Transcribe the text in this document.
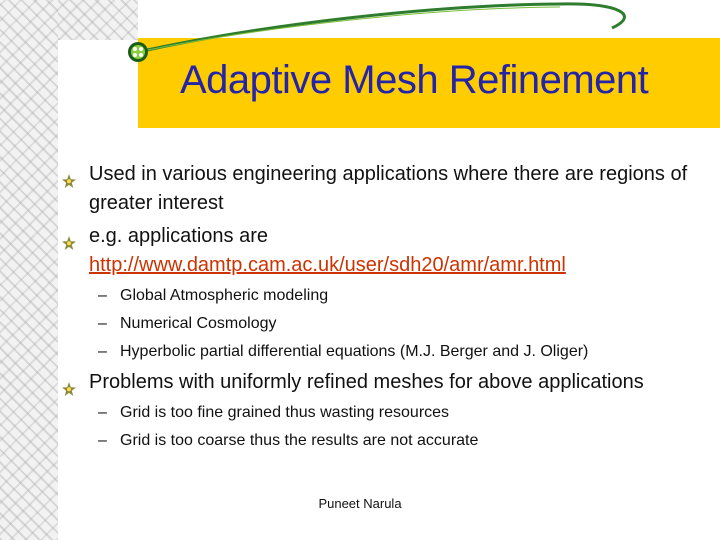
Adaptive Mesh Refinement
Used in various engineering applications where there are regions of greater interest
e.g. applications are
http://www.damtp.cam.ac.uk/user/sdh20/amr/amr.html
– Global Atmospheric modeling
– Numerical Cosmology
– Hyperbolic partial differential equations (M.J. Berger and J. Oliger)
Problems with uniformly refined meshes for above applications
– Grid is too fine grained thus wasting resources
– Grid is too coarse thus the results are not accurate
Puneet Narula
